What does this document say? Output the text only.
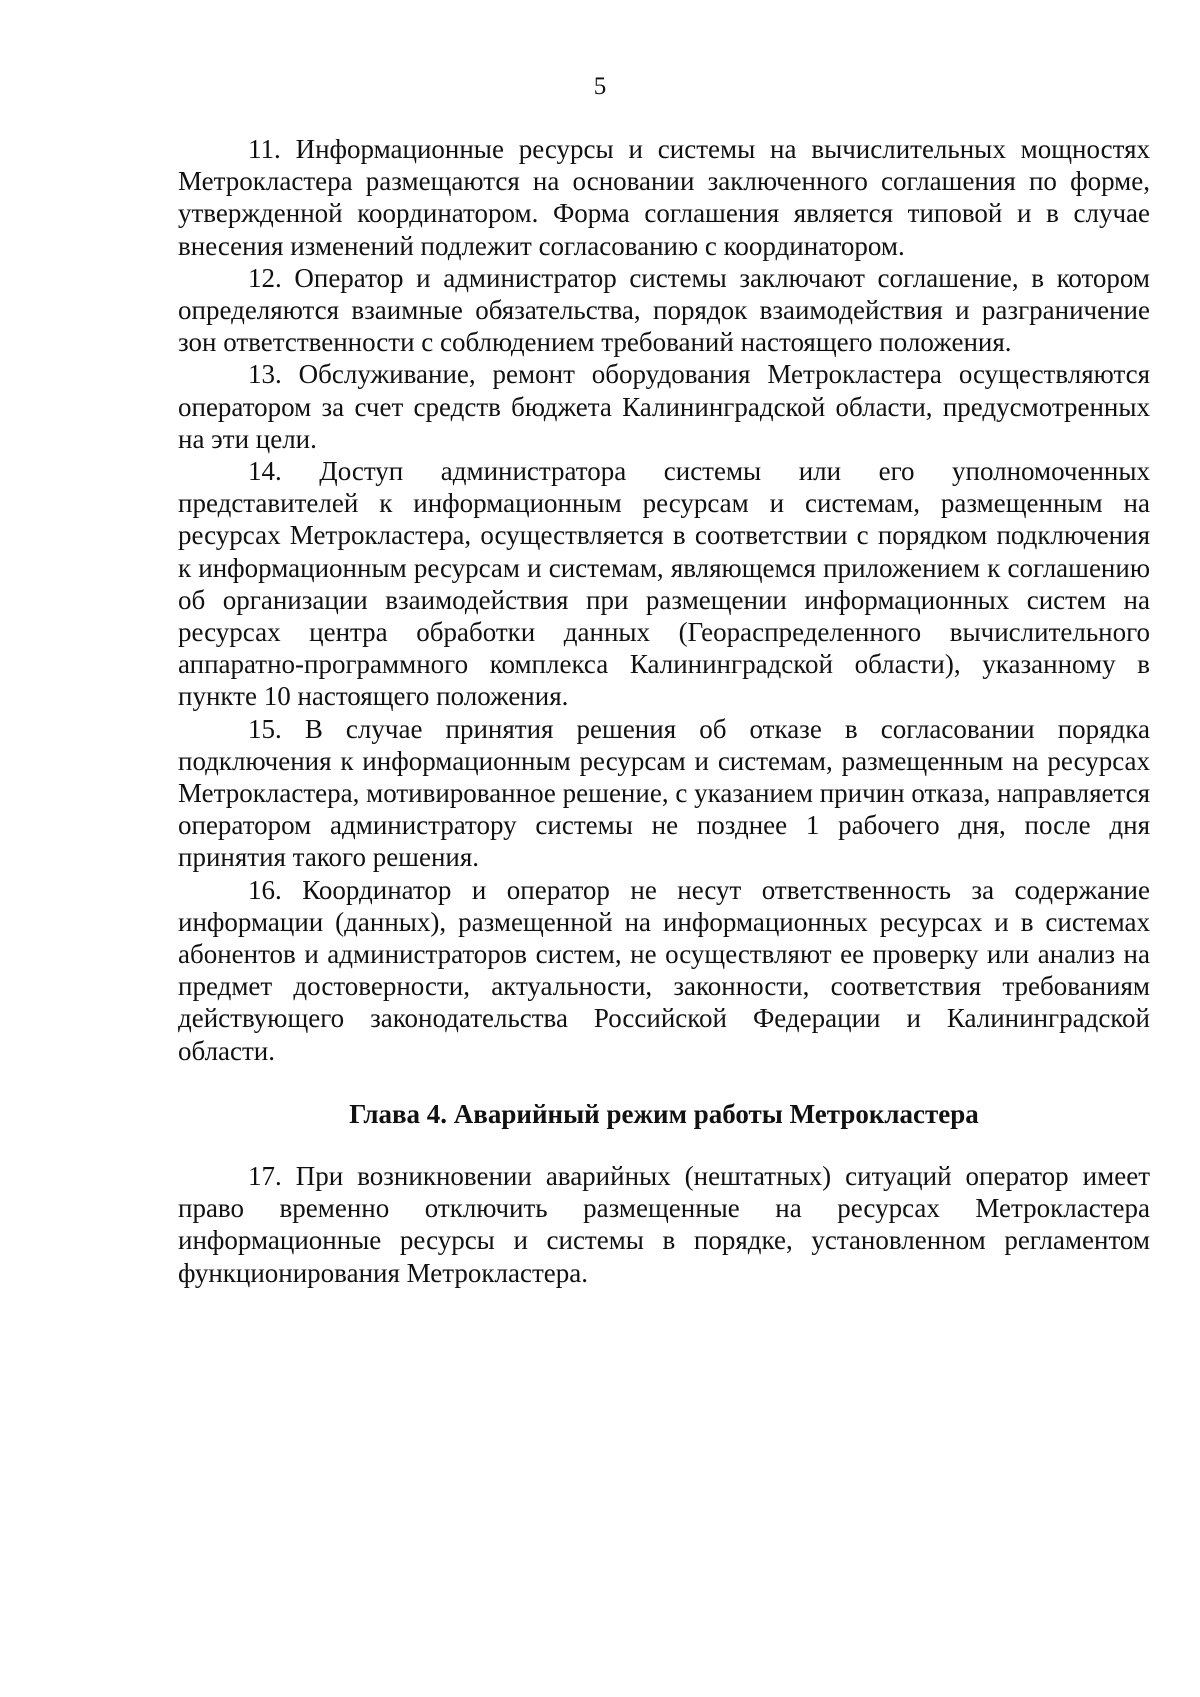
5

11. Информационные ресурсы и системы на вычислительных мощностях Метрокластера размещаются на основании заключенного соглашения по форме, утвержденной координатором. Форма соглашения является типовой и в случае внесения изменений подлежит согласованию с координатором.

12. Оператор и администратор системы заключают соглашение, в котором определяются взаимные обязательства, порядок взаимодействия и разграничение зон ответственности с соблюдением требований настоящего положения.

13. Обслуживание, ремонт оборудования Метрокластера осуществляются оператором за счет средств бюджета Калининградской области, предусмотренных на эти цели.

14. Доступ администратора системы или его уполномоченных представителей к информационным ресурсам и системам, размещенным на ресурсах Метрокластера, осуществляется в соответствии с порядком подключения к информационным ресурсам и системам, являющемся приложением к соглашению об организации взаимодействия при размещении информационных систем на ресурсах центра обработки данных (Геораспределенного вычислительного аппаратно-программного комплекса Калининградской области), указанному в пункте 10 настоящего положения.

15. В случае принятия решения об отказе в согласовании порядка подключения к информационным ресурсам и системам, размещенным на ресурсах Метрокластера, мотивированное решение, с указанием причин отказа, направляется оператором администратору системы не позднее 1 рабочего дня, после дня принятия такого решения.

16. Координатор и оператор не несут ответственность за содержание информации (данных), размещенной на информационных ресурсах и в системах абонентов и администраторов систем, не осуществляют ее проверку или анализ на предмет достоверности, актуальности, законности, соответствия требованиям действующего законодательства Российской Федерации и Калининградской области.

Глава 4. Аварийный режим работы Метрокластера

17. При возникновении аварийных (нештатных) ситуаций оператор имеет право временно отключить размещенные на ресурсах Метрокластера информационные ресурсы и системы в порядке, установленном регламентом функционирования Метрокластера.
